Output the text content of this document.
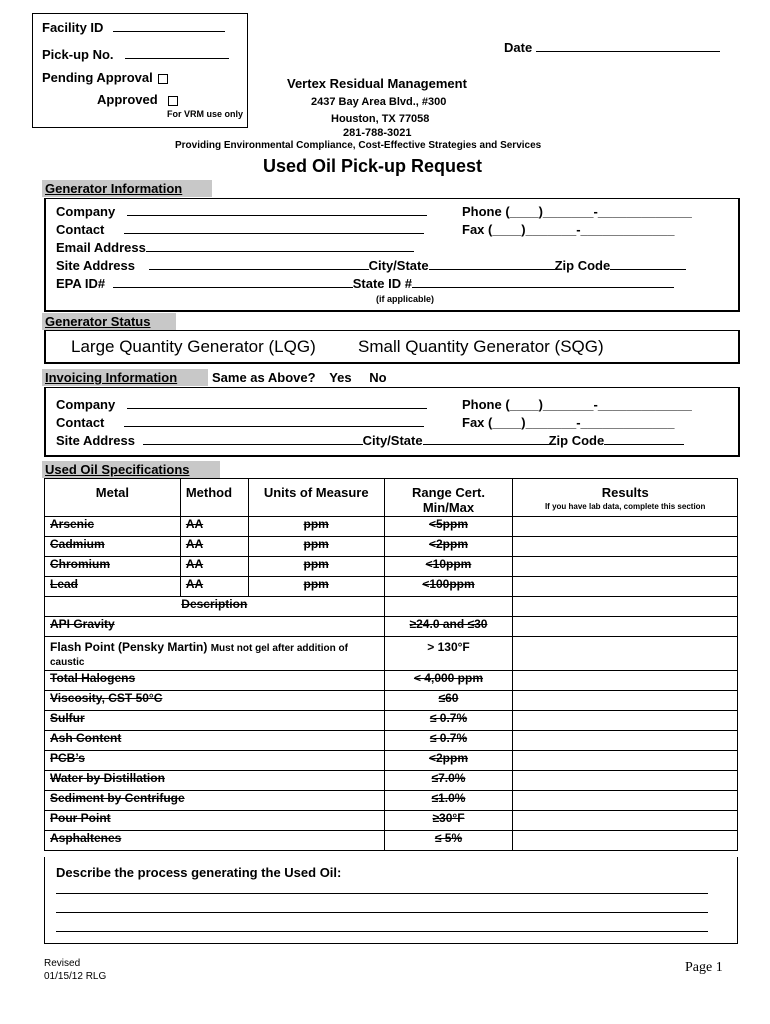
Facility ID
Pick-up No.
Pending Approval
Approved
For VRM use only
Date
Vertex Residual Management
2437 Bay Area Blvd., #300
Houston, TX 77058
281-788-3021
Providing Environmental Compliance, Cost-Effective Strategies and Services
Used Oil Pick-up Request
Generator Information
Company	Phone (____)_______-_____________
Contact	Fax (____)_______-_____________
Email Address
Site Address	City/State	Zip Code
EPA ID#	State ID #
(if applicable)
Generator Status
Large Quantity Generator (LQG) Small Quantity Generator (SQG)
Invoicing Information	Same as Above? Yes No
Company	Phone (____)_______-_____________
Contact	Fax (____)_______-_____________
Site Address	City/State	Zip Code
Used Oil Specifications
Metal	Method	Units of Measure	Range Cert. Min/Max	Results
If you have lab data, complete this section

Arsenic	AA	ppm	<5ppm	
Cadmium	AA	ppm	<2ppm	
Chromium	AA	ppm	<10ppm	
Lead	AA	ppm	<100ppm	
Description				
API Gravity			≥24.0 and ≤30	
Flash Point (Pensky Martin) Must not gel after addition of caustic			> 130°F	
Total Halogens			< 4,000 ppm	
Viscosity, CST 50°C			≤60	
Sulfur			≤ 0.7%	
Ash Content			≤ 0.7%	
PCB’s			<2ppm	
Water by Distillation			≤7.0%	
Sediment by Centrifuge			≤1.0%	
Pour Point			≥30°F	
Asphaltenes			≤ 5%	
Describe the process generating the Used Oil:
Revised
01/15/12 RLG
Page 1
